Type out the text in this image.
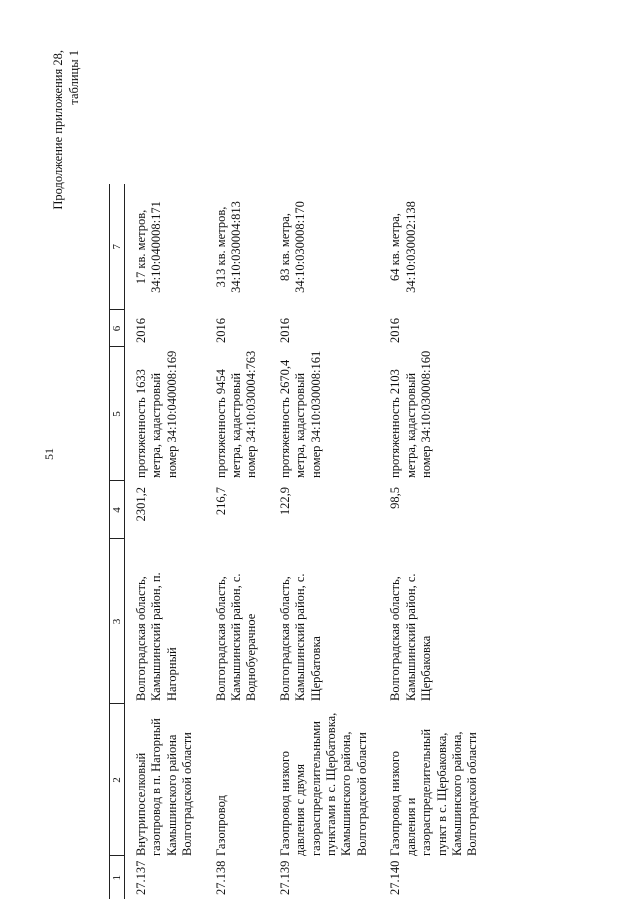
51
Продолжение приложения 28, таблицы 1
1	2	3	4	5	6	7
27.137	Внутрипоселковый газопровод в п. Нагорный Камышинского района Волгоградской области	Волгоградская область, Камышинский район, п. Нагорный	2301,2	протяженность 1633 метра, кадастровый номер 34:10:040008:169	2016	17 кв. метров, 34:10:040008:171
27.138	Газопровод	Волгоградская область, Камышинский район, с. Воднобуерачное	216,7	протяженность 9454 метра, кадастровый номер 34:10:030004:763	2016	313 кв. метров, 34:10:030004:813
27.139	Газопровод низкого давления с двумя газораспределительными пунктами в с. Щербатовка, Камышинского района, Волгоградской области	Волгоградская область, Камышинский район, с. Щербатовка	122,9	протяженность 2670,4 метра, кадастровый номер 34:10:030008:161	2016	83 кв. метра, 34:10:030008:170
27.140	Газопровод низкого давления и газораспределительный пункт в с. Щербаковка, Камышинского района, Волгоградской области	Волгоградская область, Камышинский район, с. Щербаковка	98,5	протяженность 2103 метра, кадастровый номер 34:10:030008:160	2016	64 кв. метра, 34:10:030002:138
